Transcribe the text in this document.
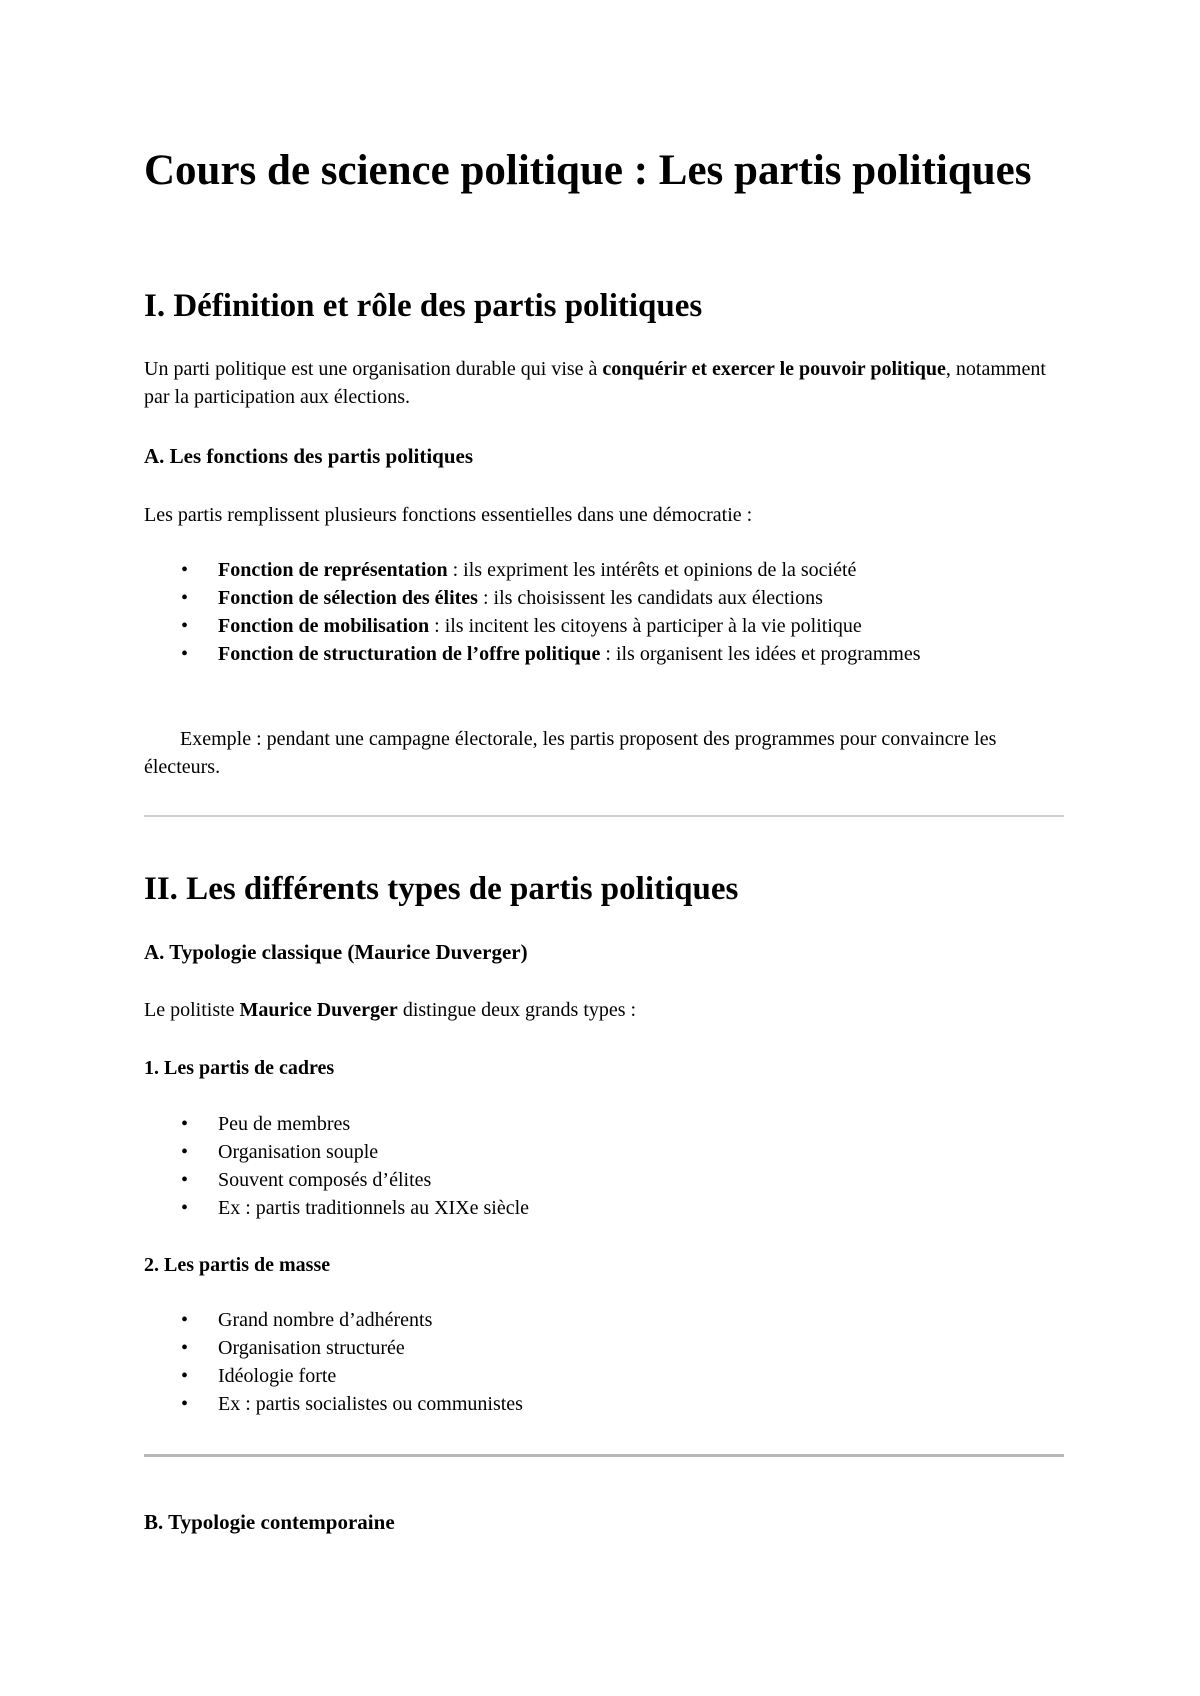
Cours de science politique : Les partis politiques
I. Définition et rôle des partis politiques

Un parti politique est une organisation durable qui vise à conquérir et exercer le pouvoir politique, notamment par la participation aux élections.

A. Les fonctions des partis politiques

Les partis remplissent plusieurs fonctions essentielles dans une démocratie :

• Fonction de représentation : ils expriment les intérêts et opinions de la société
• Fonction de sélection des élites : ils choisissent les candidats aux élections
• Fonction de mobilisation : ils incitent les citoyens à participer à la vie politique
• Fonction de structuration de l’offre politique : ils organisent les idées et programmes

Exemple : pendant une campagne électorale, les partis proposent des programmes pour convaincre les électeurs.

II. Les différents types de partis politiques
A. Typologie classique (Maurice Duverger)

Le politiste Maurice Duverger distingue deux grands types :

1. Les partis de cadres
• Peu de membres
• Organisation souple
• Souvent composés d’élites
• Ex : partis traditionnels au XIXe siècle
2. Les partis de masse
• Grand nombre d’adhérents
• Organisation structurée
• Idéologie forte
• Ex : partis socialistes ou communistes
B. Typologie contemporaine
